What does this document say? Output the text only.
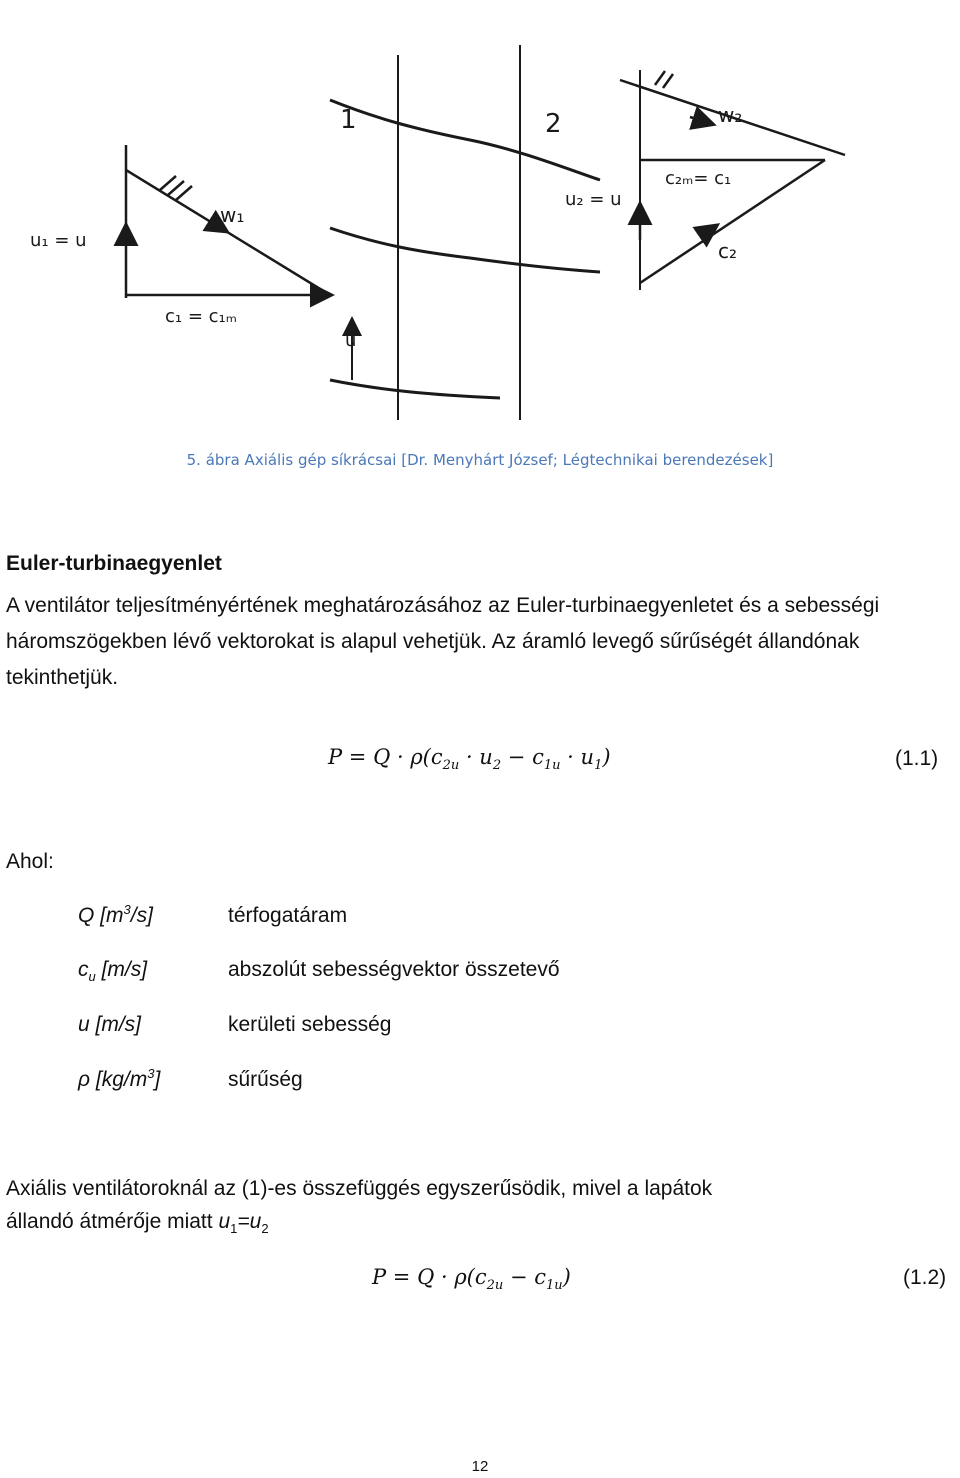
1	2
u₁ = u
w₁
c₁ = c₁ₘ
u
w₂
c₂ₘ= c₁
u₂ = u
c₂
5. ábra Axiális gép síkrácsai [Dr. Menyhárt József; Légtechnikai berendezések]
Euler-turbinaegyenlet
A ventilátor teljesítményértének meghatározásához az Euler-turbinaegyenletet és a sebességi háromszögekben lévő vektorokat is alapul vehetjük. Az áramló levegő sűrűségét állandónak tekinthetjük.
$P = Q \cdot \rho(c_{2u} \cdot u_2 - c_{1u} \cdot u_1)$	(1.1)
Ahol:
Q $[m^3/s]$	térfogatáram
$c_u$ [m/s]	abszolút sebességvektor összetevő
u [m/s]	kerületi sebesség
ρ $[kg/m^3]$	sűrűség
Axiális ventilátoroknál az (1)-es összefüggés egyszerűsödik, mivel a lapátok
állandó átmérője miatt $u_1=u_2$
$P = Q \cdot \rho(c_{2u} - c_{1u})$	(1.2)
12
